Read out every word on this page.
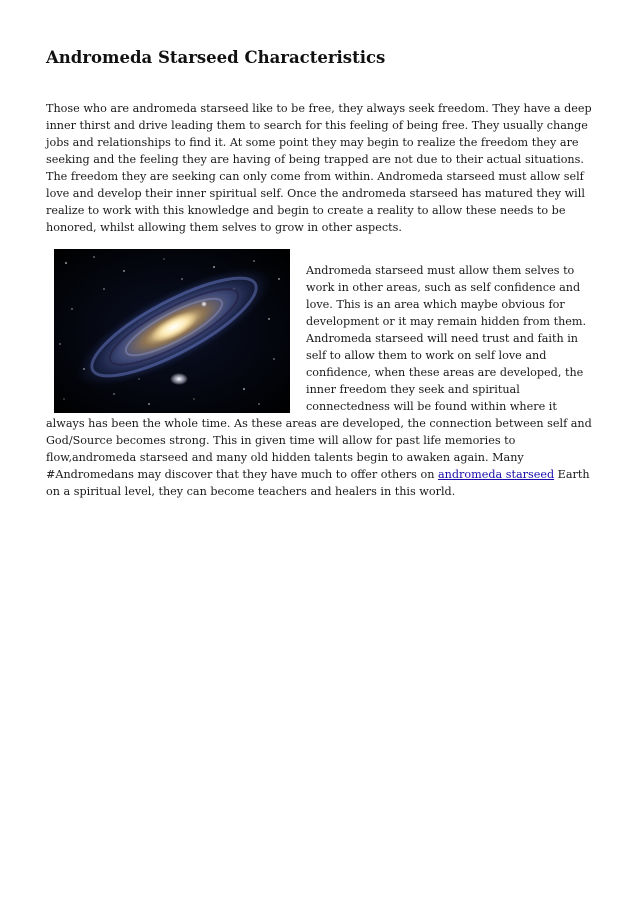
Andromeda Starseed Characteristics

Those who are andromeda starseed like to be free, they always seek freedom. They have a deep inner thirst and drive leading them to search for this feeling of being free. They usually change jobs and relationships to find it. At some point they may begin to realize the freedom they are seeking and the feeling they are having of being trapped are not due to their actual situations. The freedom they are seeking can only come from within. Andromeda starseed must allow self love and develop their inner spiritual self. Once the andromeda starseed has matured they will realize to work with this knowledge and begin to create a reality to allow these needs to be honored, whilst allowing them selves to grow in other aspects.

Andromeda starseed must allow them selves to work in other areas, such as self confidence and love. This is an area which maybe obvious for development or it may remain hidden from them. Andromeda starseed will need trust and faith in self to allow them to work on self love and confidence, when these areas are developed, the inner freedom they seek and spiritual connectedness will be found within where it always has been the whole time. As these areas are developed, the connection between self and God/Source becomes strong. This in given time will allow for past life memories to flow,andromeda starseed and many old hidden talents begin to awaken again. Many #Andromedans may discover that they have much to offer others on andromeda starseed Earth on a spiritual level, they can become teachers and healers in this world.
